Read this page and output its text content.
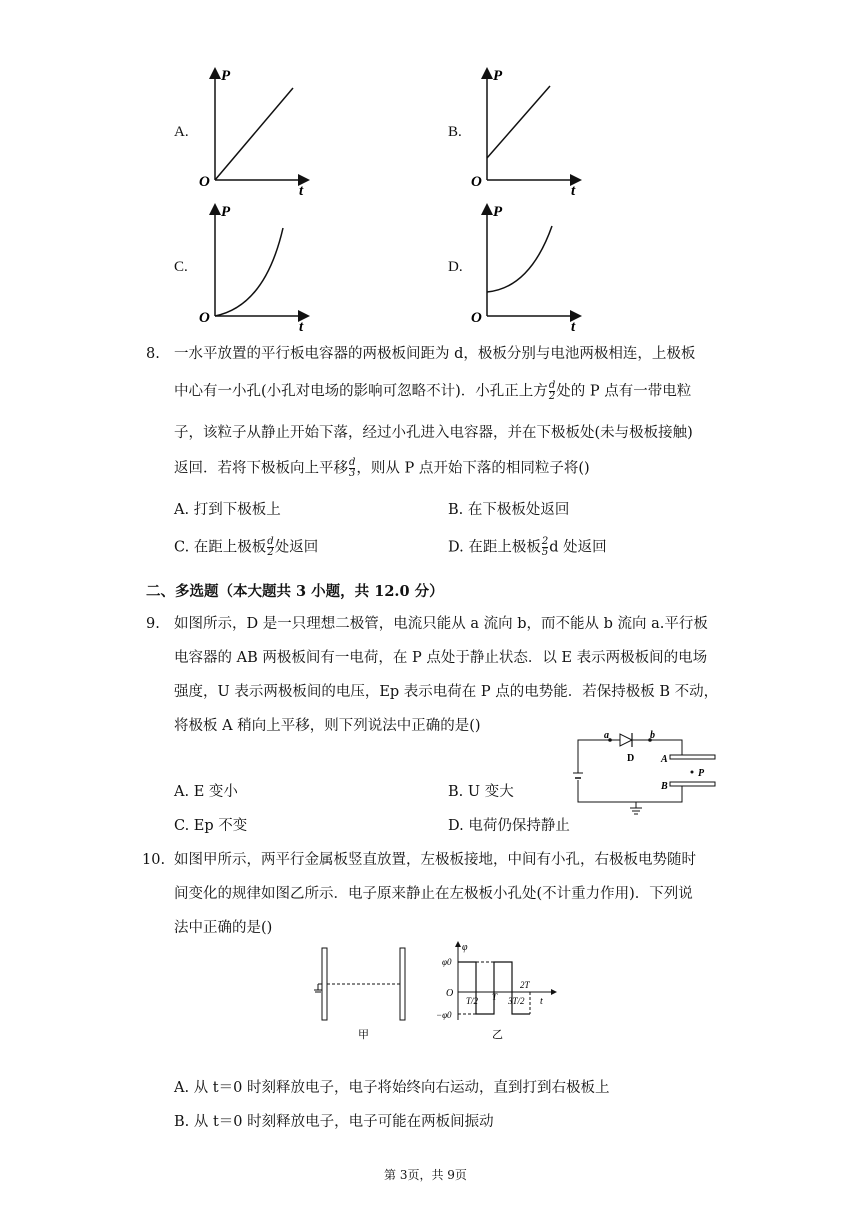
A.	B.
C.	D.
P
O
t
P
O
t
P
O
t
P
O
t
8. 一水平放置的平行板电容器的两极板间距为 d，极板分别与电池两极相连，上极板
中心有一小孔(小孔对电场的影响可忽略不计)．小孔正上方 $\frac{d}{2}$ 处的 P 点有一带电粒
子，该粒子从静止开始下落，经过小孔进入电容器，并在下极板处(未与极板接触)
返回．若将下极板向上平移 $\frac{d}{3}$ ，则从 P 点开始下落的相同粒子将()
A. 打到下极板上	B. 在下极板处返回
C. 在距上极板 $\frac{d}{2}$ 处返回	D. 在距上极板 $\frac{2}{5}$ d 处返回
二、多选题（本大题共 3 小题，共 12.0 分）
9. 如图所示，D 是一只理想二极管，电流只能从 a 流向 b，而不能从 b 流向 a.平行板
电容器的 AB 两极板间有一电荷，在 P 点处于静止状态．以 E 表示两极板间的电场
强度，U 表示两极板间的电压，Ep 表示电荷在 P 点的电势能．若保持极板 B 不动，
将极板 A 稍向上平移，则下列说法中正确的是()
a	b
D	A
B
P
A. E 变小	B. U 变大
C. Ep 不变	D. 电荷仍保持静止
10. 如图甲所示，两平行金属板竖直放置，左极板接地，中间有小孔，右极板电势随时
间变化的规律如图乙所示．电子原来静止在左极板小孔处(不计重力作用)．下列说
法中正确的是()
甲
φ
φ0
O
−φ0
T/2 T 3T/2
2T
t
乙
A. 从 t＝0 时刻释放电子，电子将始终向右运动，直到打到右极板上
B. 从 t＝0 时刻释放电子，电子可能在两板间振动
第 3页，共 9页
